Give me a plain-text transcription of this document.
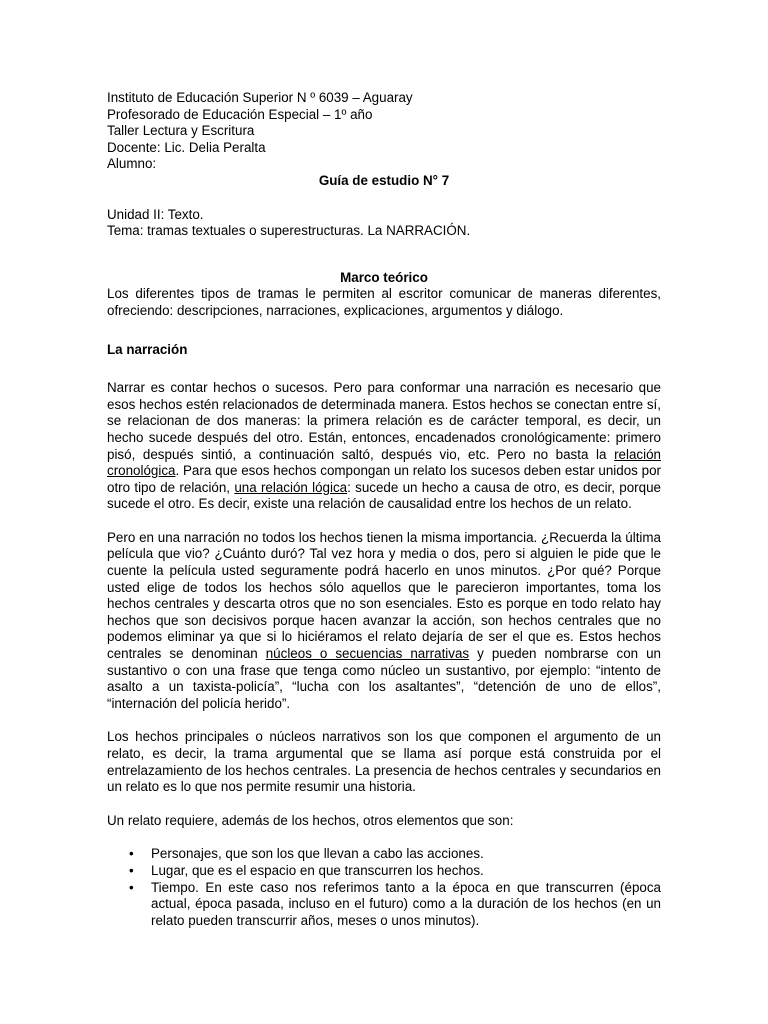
Instituto de Educación Superior N º 6039 – Aguaray
Profesorado de Educación Especial – 1º año
Taller Lectura y Escritura
Docente: Lic. Delia Peralta
Alumno:
Guía de estudio N° 7
Unidad II: Texto.
Tema: tramas textuales o superestructuras. La NARRACIÓN.
Marco teórico

Los diferentes tipos de tramas le permiten al escritor comunicar de maneras diferentes, ofreciendo: descripciones, narraciones, explicaciones, argumentos y diálogo.

La narración

Narrar es contar hechos o sucesos. Pero para conformar una narración es necesario que esos hechos estén relacionados de determinada manera. Estos hechos se conectan entre sí, se relacionan de dos maneras: la primera relación es de carácter temporal, es decir, un hecho sucede después del otro. Están, entonces, encadenados cronológicamente: primero pisó, después sintió, a continuación saltó, después vio, etc. Pero no basta la relación cronológica. Para que esos hechos compongan un relato los sucesos deben estar unidos por otro tipo de relación, una relación lógica: sucede un hecho a causa de otro, es decir, porque sucede el otro. Es decir, existe una relación de causalidad entre los hechos de un relato.

Pero en una narración no todos los hechos tienen la misma importancia. ¿Recuerda la última película que vio? ¿Cuánto duró? Tal vez hora y media o dos, pero si alguien le pide que le cuente la película usted seguramente podrá hacerlo en unos minutos. ¿Por qué? Porque usted elige de todos los hechos sólo aquellos que le parecieron importantes, toma los hechos centrales y descarta otros que no son esenciales. Esto es porque en todo relato hay hechos que son decisivos porque hacen avanzar la acción, son hechos centrales que no podemos eliminar ya que si lo hiciéramos el relato dejaría de ser el que es. Estos hechos centrales se denominan núcleos o secuencias narrativas y pueden nombrarse con un sustantivo o con una frase que tenga como núcleo un sustantivo, por ejemplo: “intento de asalto a un taxista-policía”, “lucha con los asaltantes”, “detención de uno de ellos”, “internación del policía herido”.

Los hechos principales o núcleos narrativos son los que componen el argumento de un relato, es decir, la trama argumental que se llama así porque está construida por el entrelazamiento de los hechos centrales. La presencia de hechos centrales y secundarios en un relato es lo que nos permite resumir una historia.

Un relato requiere, además de los hechos, otros elementos que son:

• Personajes, que son los que llevan a cabo las acciones.
• Lugar, que es el espacio en que transcurren los hechos.
• Tiempo. En este caso nos referimos tanto a la época en que transcurren (época actual, época pasada, incluso en el futuro) como a la duración de los hechos (en un relato pueden transcurrir años, meses o unos minutos).
